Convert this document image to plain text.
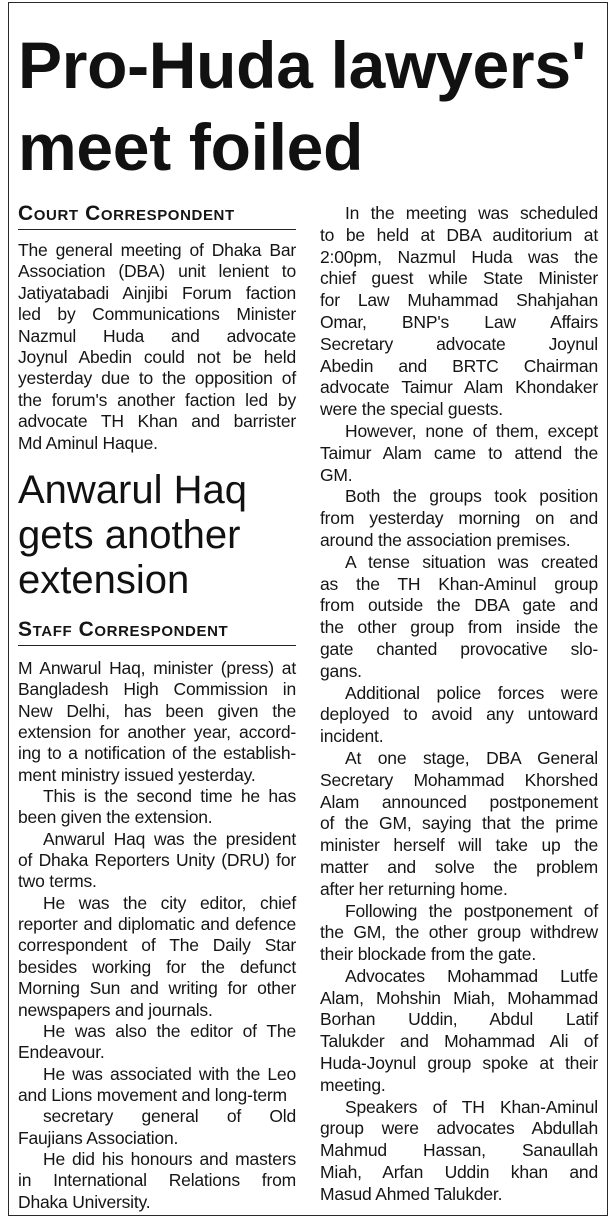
Pro-Huda lawyers'
meet foiled
Court Correspondent
The general meeting of Dhaka Bar
Association (DBA) unit lenient to
Jatiyatabadi Ainjibi Forum faction
led by Communications Minister
Nazmul Huda and advocate
Joynul Abedin could not be held
yesterday due to the opposition of
the forum's another faction led by
advocate TH Khan and barrister
Md Aminul Haque.
Anwarul Haq
gets another
extension
Staff Correspondent
M Anwarul Haq, minister (press) at
Bangladesh High Commission in
New Delhi, has been given the
extension for another year, accord-
ing to a notification of the establish-
ment ministry issued yesterday.
This is the second time he has
been given the extension.
Anwarul Haq was the president
of Dhaka Reporters Unity (DRU) for
two terms.
He was the city editor, chief
reporter and diplomatic and defence
correspondent of The Daily Star
besides working for the defunct
Morning Sun and writing for other
newspapers and journals.
He was also the editor of The
Endeavour.
He was associated with the Leo
and Lions movement and long-term
secretary general of Old
Faujians Association.
He did his honours and masters
in International Relations from
Dhaka University.
In the meeting was scheduled
to be held at DBA auditorium at
2:00pm, Nazmul Huda was the
chief guest while State Minister
for Law Muhammad Shahjahan
Omar, BNP's Law Affairs
Secretary advocate Joynul
Abedin and BRTC Chairman
advocate Taimur Alam Khondaker
were the special guests.
However, none of them, except
Taimur Alam came to attend the
GM.
Both the groups took position
from yesterday morning on and
around the association premises.
A tense situation was created
as the TH Khan-Aminul group
from outside the DBA gate and
the other group from inside the
gate chanted provocative slo-
gans.
Additional police forces were
deployed to avoid any untoward
incident.
At one stage, DBA General
Secretary Mohammad Khorshed
Alam announced postponement
of the GM, saying that the prime
minister herself will take up the
matter and solve the problem
after her returning home.
Following the postponement of
the GM, the other group withdrew
their blockade from the gate.
Advocates Mohammad Lutfe
Alam, Mohshin Miah, Mohammad
Borhan Uddin, Abdul Latif
Talukder and Mohammad Ali of
Huda-Joynul group spoke at their
meeting.
Speakers of TH Khan-Aminul
group were advocates Abdullah
Mahmud Hassan, Sanaullah
Miah, Arfan Uddin khan and
Masud Ahmed Talukder.
